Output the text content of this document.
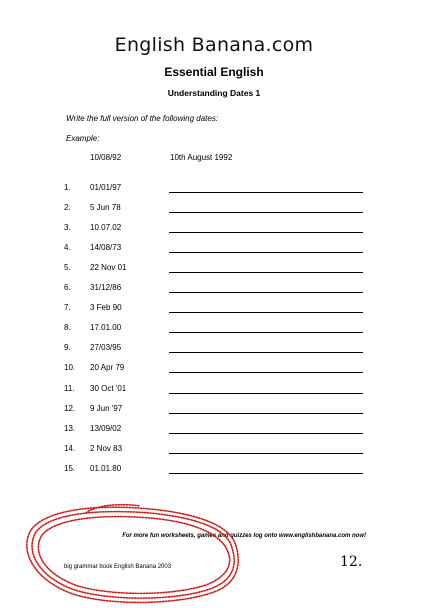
English Banana.com
Essential English
Understanding Dates 1
Write the full version of the following dates:
Example:
10/08/92	10th August 1992
1. 01/01/97
2. 5 Jun 78
3. 10.07.02
4. 14/08/73
5. 22 Nov 01
6. 31/12/86
7. 3 Feb 90
8. 17.01.00
9. 27/03/95
10. 20 Apr 79
11. 30 Oct '01
12. 9 Jun '97
13. 13/09/02
14. 2 Nov 83
15. 01.01.80
For more fun worksheets, games and quizzes log onto www.englishbanana.com now!
big grammar book English Banana 2003	12.
